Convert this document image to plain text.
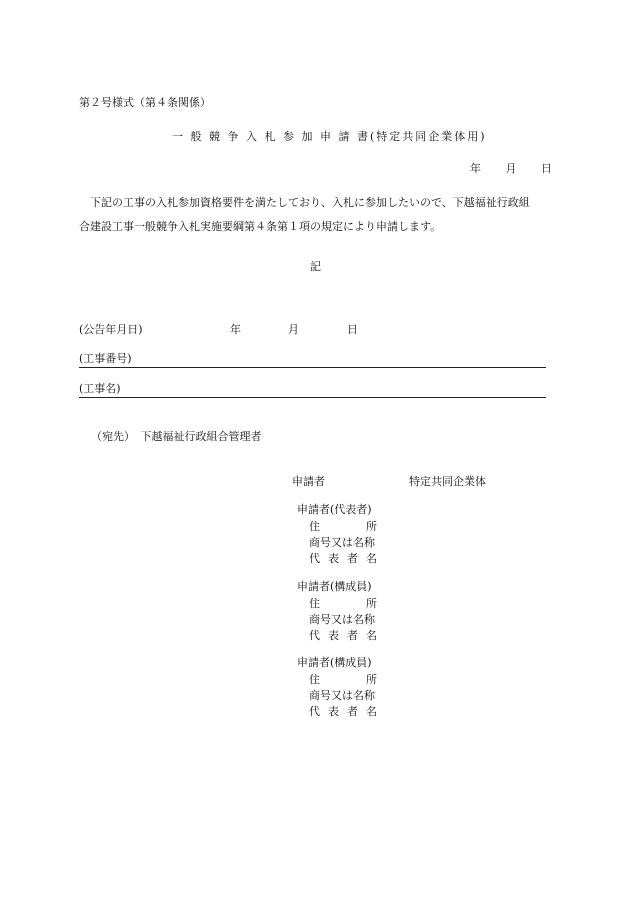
第２号様式（第４条関係）
一 般 競 争 入 札 参 加 申 請 書(特定共同企業体用)
年 月 日

　下記の工事の入札参加資格要件を満たしており、入札に参加したいので、下越福祉行政組

合建設工事一般競争入札実施要綱第４条第１項の規定により申請します。

記
(公告年月日)	年	月	日
(工事番号)
(工事名)
（宛先）　下越福祉行政組合管理者
申請者	特定共同企業体
申請者(代表者)
住	所
商号又は名称
代 表 者 名
申請者(構成員)
住	所
商号又は名称
代 表 者 名
申請者(構成員)
住	所
商号又は名称
代 表 者 名
